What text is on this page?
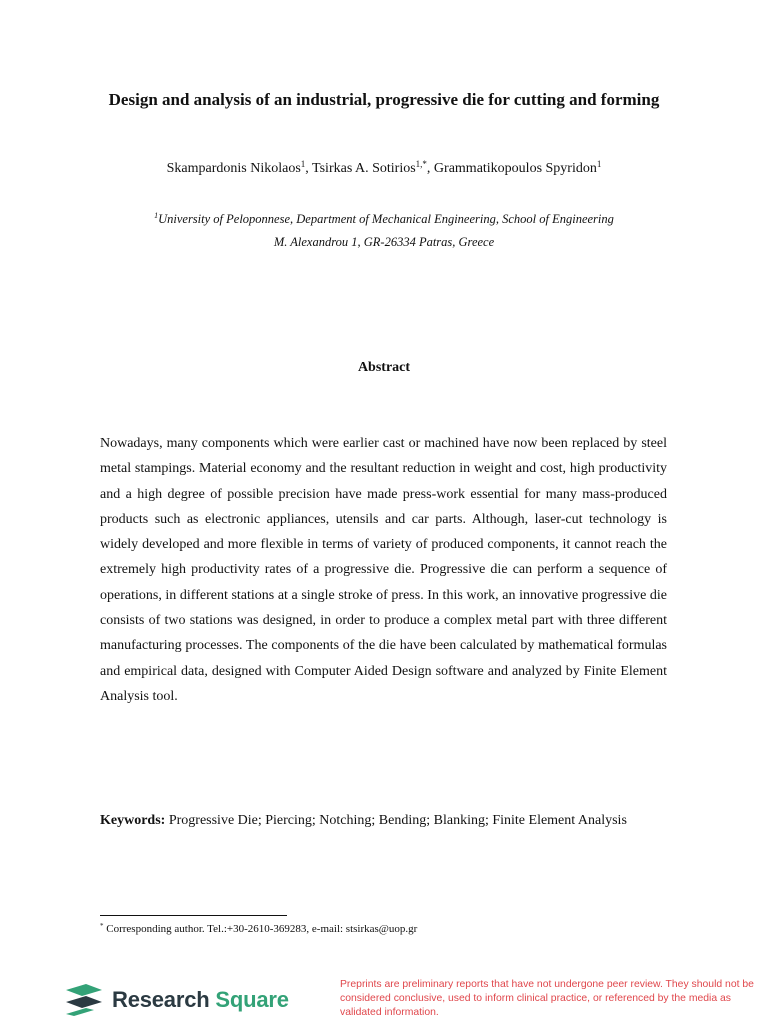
Design and analysis of an industrial, progressive die for cutting and forming
Skampardonis Nikolaos$^1$, Tsirkas A. Sotirios$^{1,*}$, Grammatikopoulos Spyridon$^1$
$^1$University of Peloponnese, Department of Mechanical Engineering, School of Engineering
M. Alexandrou 1, GR-26334 Patras, Greece
Abstract
Nowadays, many components which were earlier cast or machined have now been replaced by steel metal stampings. Material economy and the resultant reduction in weight and cost, high productivity and a high degree of possible precision have made press-work essential for many mass-produced products such as electronic appliances, utensils and car parts. Although, laser-cut technology is widely developed and more flexible in terms of variety of produced components, it cannot reach the extremely high productivity rates of a progressive die. Progressive die can perform a sequence of operations, in different stations at a single stroke of press. In this work, an innovative progressive die consists of two stations was designed, in order to produce a complex metal part with three different manufacturing processes. The components of the die have been calculated by mathematical formulas and empirical data, designed with Computer Aided Design software and analyzed by Finite Element Analysis tool.
Keywords: Progressive Die; Piercing; Notching; Bending; Blanking; Finite Element Analysis
* Corresponding author. Tel.:+30-2610-369283, e-mail: stsirkas@uop.gr
Research Square
Preprints are preliminary reports that have not undergone peer review. They should not be considered conclusive, used to inform clinical practice, or referenced by the media as validated information.
